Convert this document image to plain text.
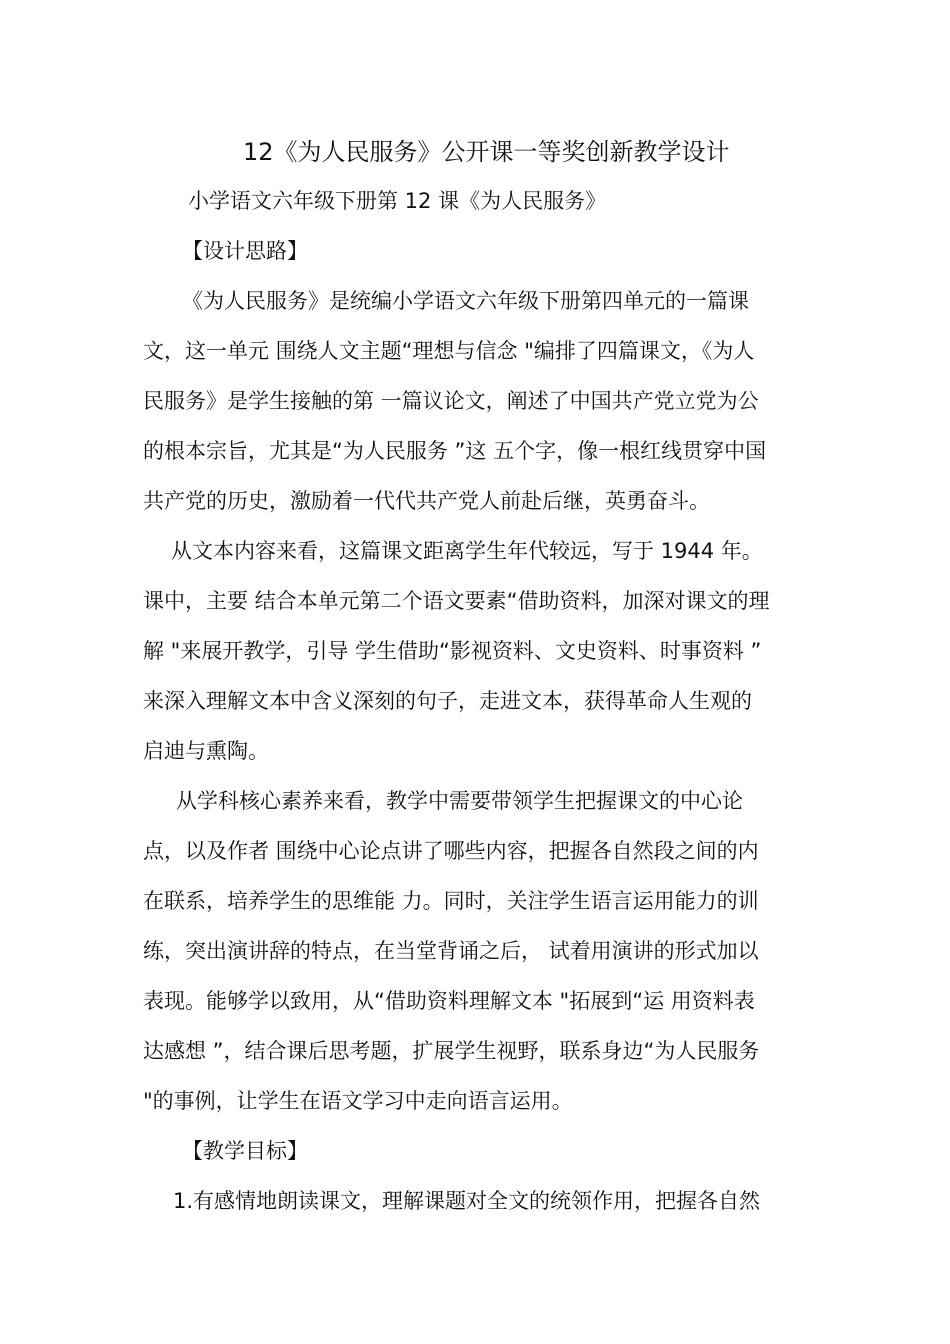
12《为人民服务》公开课一等奖创新教学设计
小学语文六年级下册第 12 课《为人民服务》
【设计思路】
《为人民服务》是统编小学语文六年级下册第四单元的一篇课
文，这一单元 围绕人文主题“理想与信念 "编排了四篇课文，《为人
民服务》是学生接触的第 一篇议论文，阐述了中国共产党立党为公
的根本宗旨，尤其是“为人民服务 ”这 五个字，像一根红线贯穿中国
共产党的历史，激励着一代代共产党人前赴后继，英勇奋斗。
从文本内容来看，这篇课文距离学生年代较远，写于 1944 年。
课中，主要 结合本单元第二个语文要素“借助资料，加深对课文的理
解 "来展开教学，引导 学生借助“影视资料、文史资料、时事资料 ”
来深入理解文本中含义深刻的句子，走进文本，获得革命人生观的
启迪与熏陶。
从学科核心素养来看，教学中需要带领学生把握课文的中心论
点，以及作者 围绕中心论点讲了哪些内容，把握各自然段之间的内
在联系，培养学生的思维能 力。同时，关注学生语言运用能力的训
练，突出演讲辞的特点，在当堂背诵之后， 试着用演讲的形式加以
表现。能够学以致用，从“借助资料理解文本 "拓展到“运 用资料表
达感想 ”，结合课后思考题，扩展学生视野，联系身边“为人民服务
"的事例，让学生在语文学习中走向语言运用。
【教学目标】
1.有感情地朗读课文，理解课题对全文的统领作用，把握各自然
